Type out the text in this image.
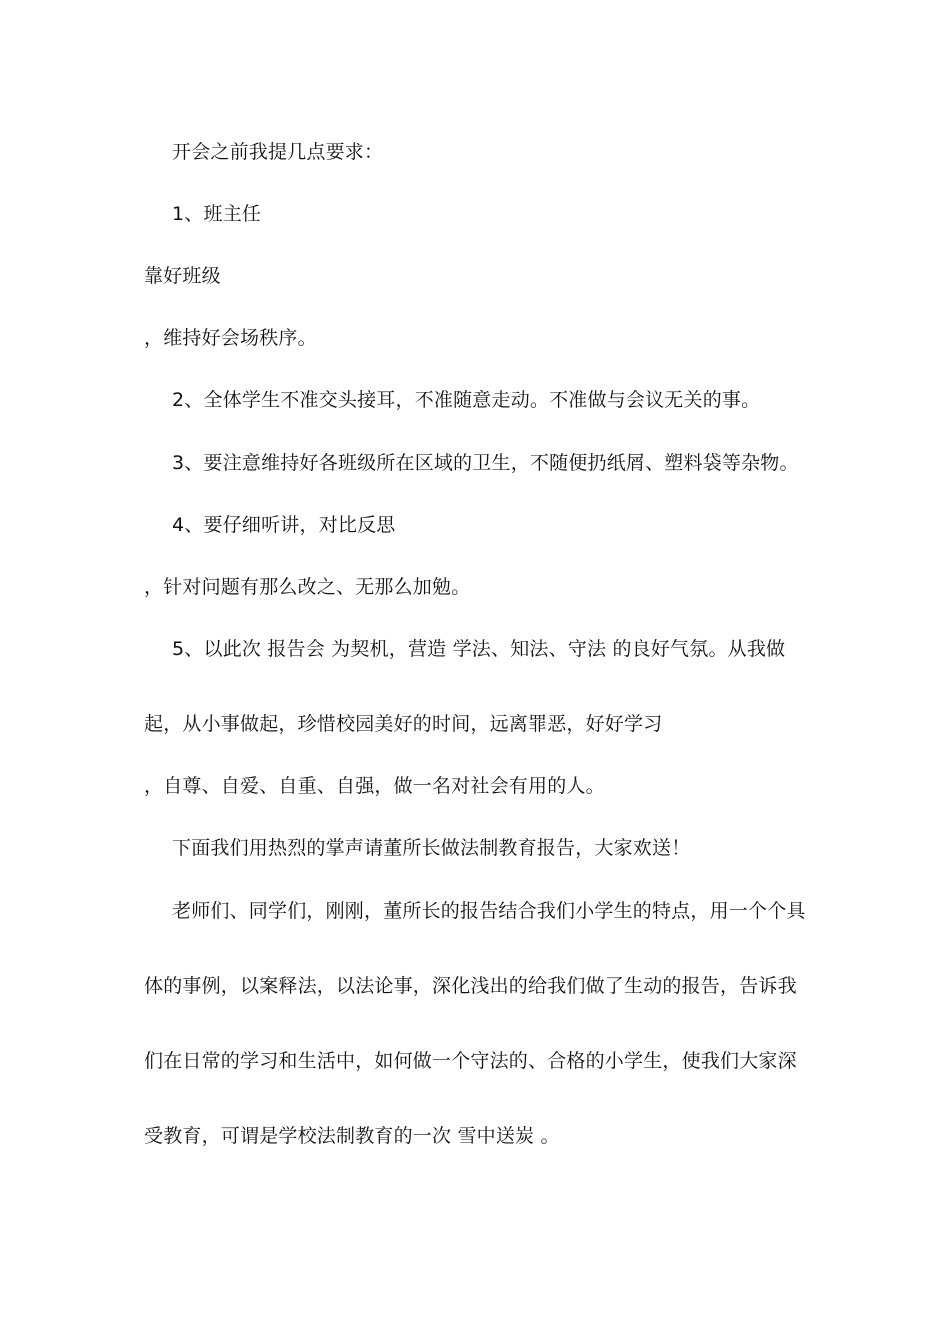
开会之前我提几点要求：
1、班主任
靠好班级
，维持好会场秩序。
2、全体学生不准交头接耳，不准随意走动。不准做与会议无关的事。
3、要注意维持好各班级所在区域的卫生，不随便扔纸屑、塑料袋等杂物。
4、要仔细听讲，对比反思
，针对问题有那么改之、无那么加勉。
5、以此次 报告会 为契机，营造 学法、知法、守法 的良好气氛。从我做
起，从小事做起，珍惜校园美好的时间，远离罪恶，好好学习
，自尊、自爱、自重、自强，做一名对社会有用的人。
下面我们用热烈的掌声请董所长做法制教育报告，大家欢送！
老师们、同学们，刚刚，董所长的报告结合我们小学生的特点，用一个个具
体的事例，以案释法，以法论事，深化浅出的给我们做了生动的报告，告诉我
们在日常的学习和生活中，如何做一个守法的、合格的小学生，使我们大家深
受教育，可谓是学校法制教育的一次 雪中送炭 。
